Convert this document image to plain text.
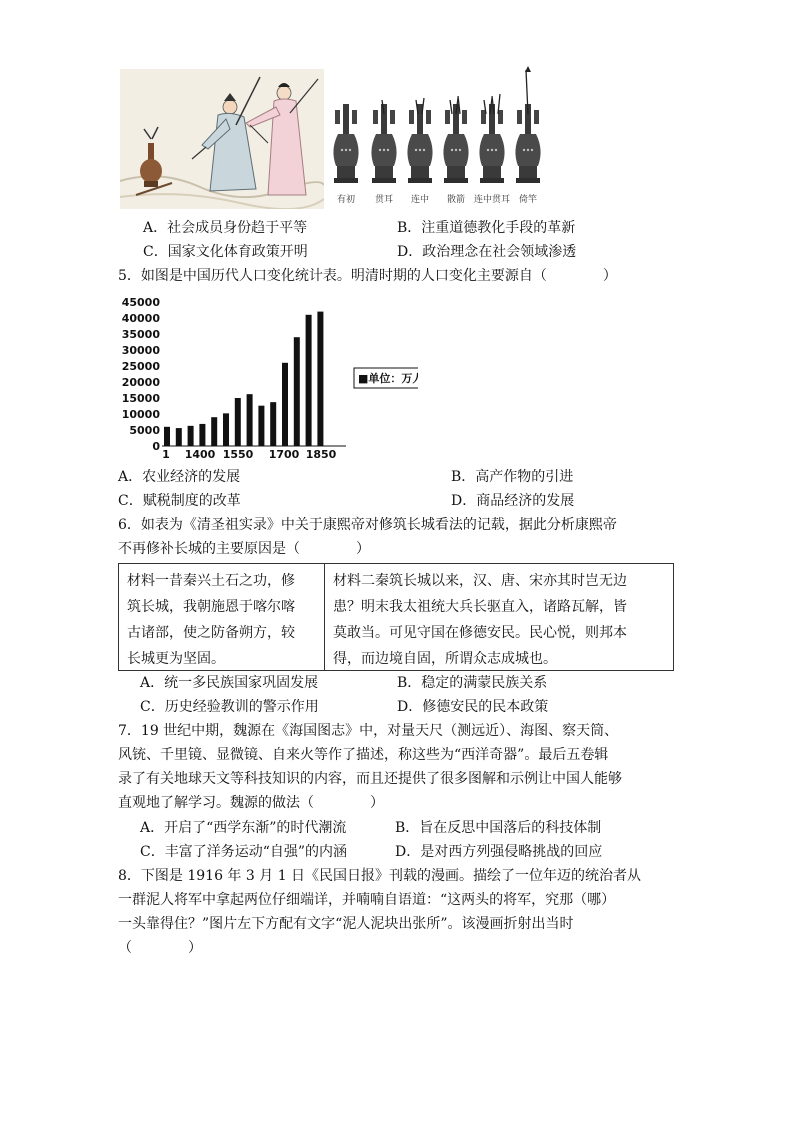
有初 贯耳 连中 散箭 连中贯耳 倚竿
A．社会成员身份趋于平等	B．注重道德教化手段的革新
C．国家文化体育政策开明	D．政治理念在社会领域渗透
5．如图是中国历代人口变化统计表。明清时期的人口变化主要源自（　　　　）
45000
40000
35000
30000
25000
20000
15000
10000
5000
0
1 1400 1550 1700 1850
■单位：万人
A．农业经济的发展	B．高产作物的引进
C．赋税制度的改革	D．商品经济的发展
6．如表为《清圣祖实录》中关于康熙帝对修筑长城看法的记载，据此分析康熙帝
不再修补长城的主要原因是（　　　　）
材料一昔秦兴土石之功，修
筑长城，我朝施恩于喀尔喀
古诸部，使之防备朔方，较
长城更为坚固。
材料二秦筑长城以来，汉、唐、宋亦其时岂无边
患？明末我太祖统大兵长驱直入，诸路瓦解，皆
莫敢当。可见守国在修德安民。民心悦，则邦本
得，而边境自固，所谓众志成城也。
A．统一多民族国家巩固发展	B．稳定的满蒙民族关系
C．历史经验教训的警示作用	D．修德安民的民本政策
7．19 世纪中期，魏源在《海国图志》中，对量天尺（测远近）、海图、察天筒、
风铳、千里镜、显微镜、自来火等作了描述，称这些为“西洋奇器”。最后五卷辑
录了有关地球天文等科技知识的内容，而且还提供了很多图解和示例让中国人能够
直观地了解学习。魏源的做法（　　　　）
A．开启了“西学东渐”的时代潮流	B．旨在反思中国落后的科技体制
C．丰富了洋务运动“自强”的内涵	D．是对西方列强侵略挑战的回应
8．下图是 1916 年 3 月 1 日《民国日报》刊载的漫画。描绘了一位年迈的统治者从
一群泥人将军中拿起两位仔细端详，并喃喃自语道：“这两头的将军，究那（哪）
一头靠得住？”图片左下方配有文字“泥人泥块出张所”。该漫画折射出当时
（　　　　）
